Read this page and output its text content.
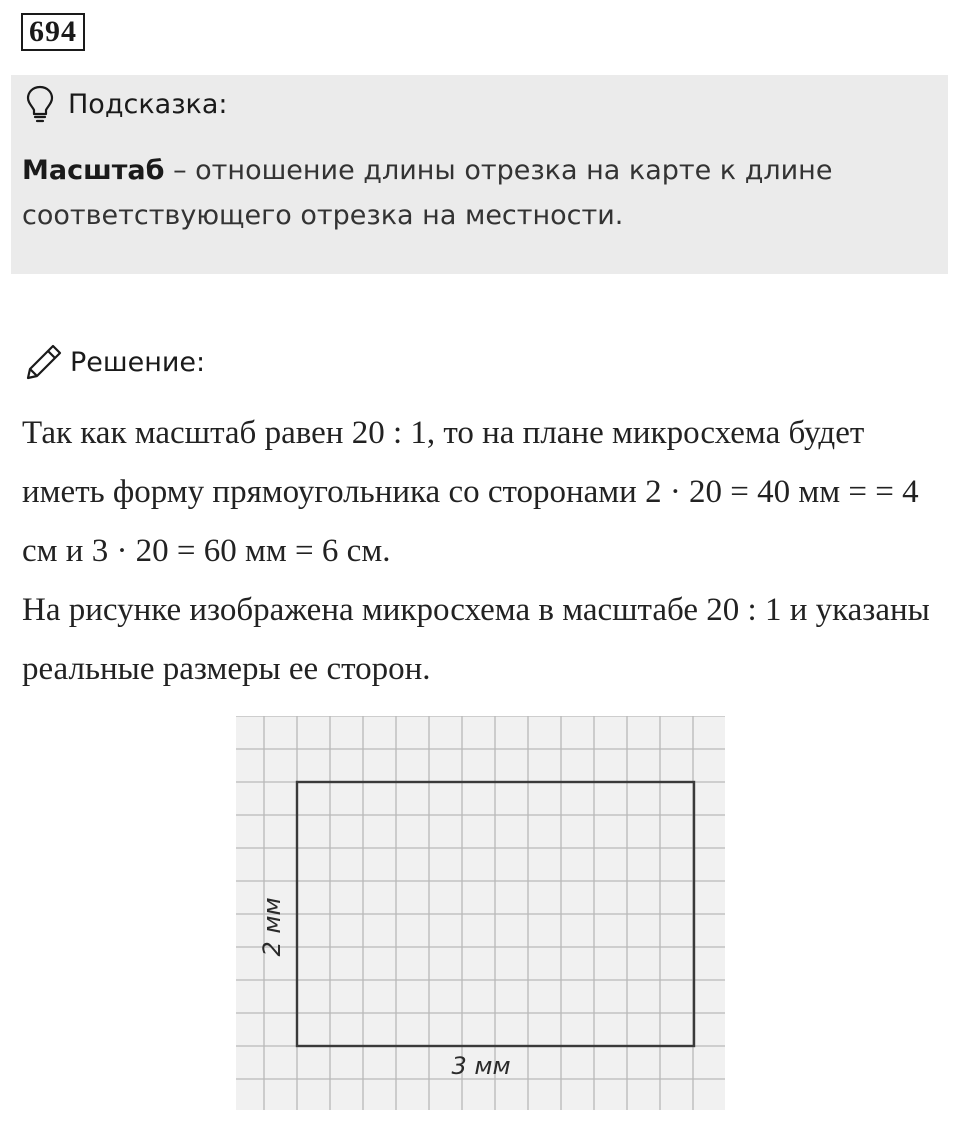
694
Подсказка:
Масштаб – отношение длины отрезка на карте к длине соответствующего отрезка на местности.
Решение:

Так как масштаб равен 20 : 1, то на плане микросхема будет иметь форму прямоугольника со сторонами 2 · 20 = 40 мм = = 4 см и 3 · 20 = 60 мм = 6 см.

На рисунке изображена микросхема в масштабе 20 : 1 и указаны реальные размеры ее сторон.

2 мм
3 мм
